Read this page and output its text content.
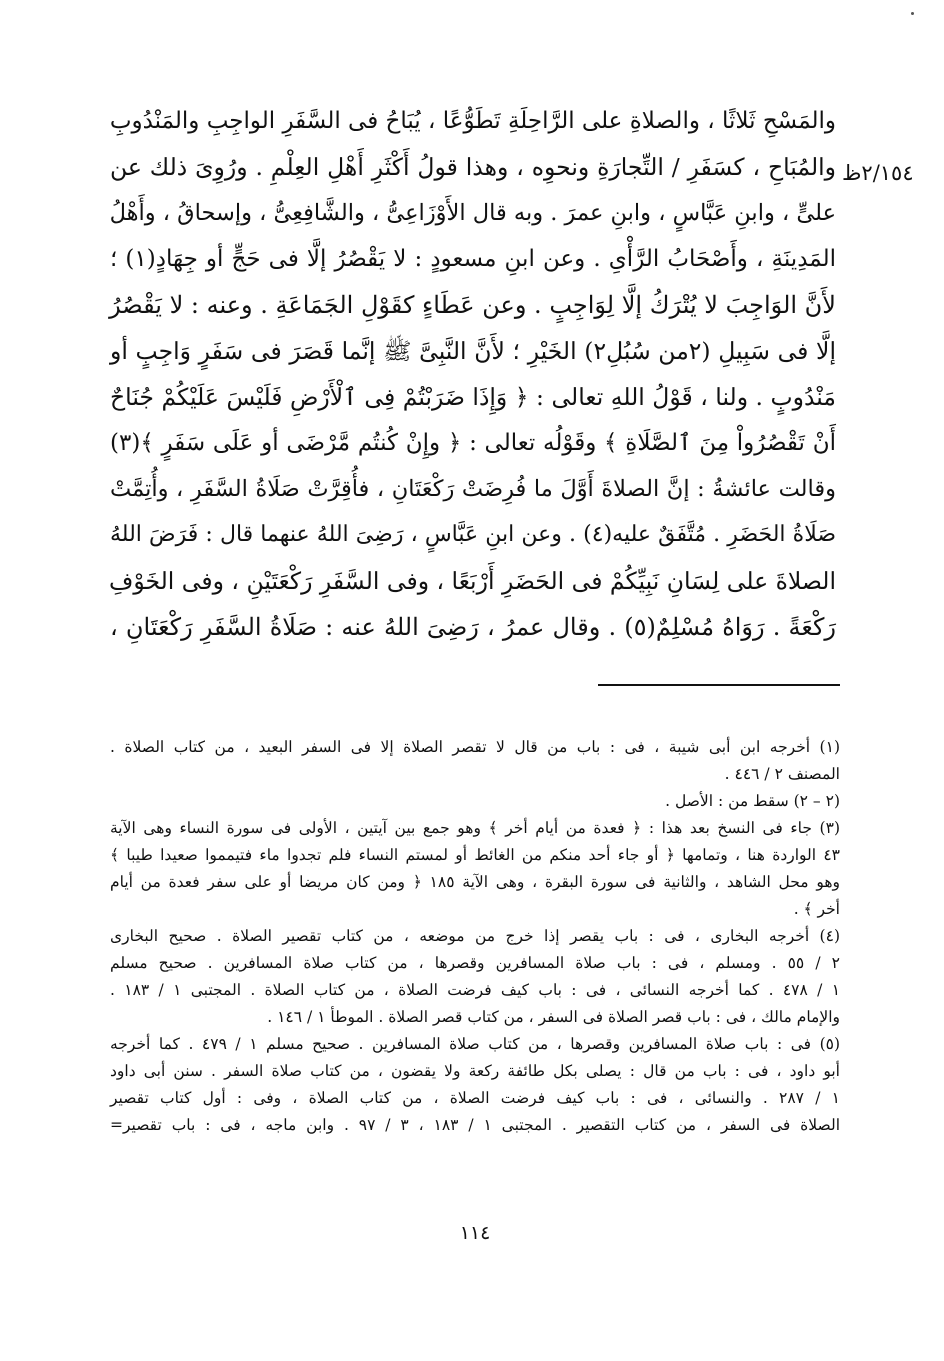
٢/١٥٤ظ
والمَسْحِ ثَلاثًا ، والصلاةِ على الرَّاحِلَةِ تَطَوُّعًا ، يُبَاحُ فى السَّفَرِ الواجِبِ والمَنْدُوبِ
والمُبَاحِ ، كسَفَرِ / التِّجارَةِ ونحوِه ، وهذا قولُ أَكْثَرِ أَهْلِ العِلْمِ . ورُوِىَ ذلك عن
علىٍّ ، وابنِ عَبَّاسٍ ، وابنِ عمرَ . وبه قال الأَوْزَاعِىُّ ، والشَّافِعِىُّ ، وإسحاقُ ، وأَهْلُ
المَدِينَةِ ، وأَصْحَابُ الرَّأْىِ . وعن ابنِ مسعودٍ : لا يَقْصُرُ إلَّا فى حَجٍّ أو جِهَادٍ(١) ؛
لأَنَّ الوَاجِبَ لا يُتْرَكُ إلَّا لِوَاجِبٍ . وعن عَطَاءٍ كقَوْلِ الجَمَاعَةِ . وعنه : لا يَقْصُرُ
إلَّا فى سَبِيلِ (٢من سُبُلِ٢) الخَيْرِ ؛ لأَنَّ النَّبِىَّ ﷺ إنَّما قَصَرَ فى سَفَرٍ وَاجِبٍ أو
مَنْدُوبٍ . ولنا ، قَوْلُ اللهِ تعالى : ﴿ وَإِذَا ضَرَبْتُمْ فِى ٱلْأَرْضِ فَلَيْسَ عَلَيْكُمْ جُنَاحٌ
أَنْ تَقْصُرُواْ مِنَ ٱلصَّلَاةِ ﴾ وقَوْلُه تعالى : ﴿ وإِنْ كُنتُم مَّرْضَى أو عَلَى سَفَرٍ ﴾(٣)
وقالت عائشةُ : إنَّ الصلاةَ أَوَّلَ ما فُرِضَتْ رَكْعَتَانِ ، فأُقِرَّتْ صَلَاةُ السَّفَرِ ، وأُتِمَّتْ
صَلَاةُ الحَضَرِ . مُتَّفَقٌ عليه(٤) . وعن ابنِ عَبَّاسٍ ، رَضِىَ اللهُ عنهما قال : فَرَضَ اللهُ
الصلاةَ على لِسَانِ نَبِيِّكُمْ فى الحَضَرِ أَرْبَعًا ، وفى السَّفَرِ رَكْعَتَيْنِ ، وفى الخَوْفِ
رَكْعَةً . رَوَاهُ مُسْلِمٌ(٥) . وقال عمرُ ، رَضِىَ اللهُ عنه : صَلَاةُ السَّفَرِ رَكْعَتَانِ ،
(١) أخرجه ابن أبى شيبة ، فى : باب من قال لا تقصر الصلاة إلا فى السفر البعيد ، من كتاب الصلاة .
المصنف ٢ / ٤٤٦ .
(٢ – ٢) سقط من : الأصل .
(٣) جاء فى النسخ بعد هذا : ﴿ فعدة من أيام أخر ﴾ وهو جمع بين آيتين ، الأولى فى سورة النساء وهى الآية
٤٣ الواردة هنا ، وتمامها ﴿ أو جاء أحد منكم من الغائط أو لمستم النساء فلم تجدوا ماء فتيمموا صعيدا طيبا ﴾
وهو محل الشاهد ، والثانية فى سورة البقرة ، وهى الآية ١٨٥ ﴿ ومن كان مريضا أو على سفر فعدة من أيام
أخر ﴾ .
(٤) أخرجه البخارى ، فى : باب يقصر إذا خرج من موضعه ، من كتاب تقصير الصلاة . صحيح البخارى
٢ / ٥٥ . ومسلم ، فى : باب صلاة المسافرين وقصرها ، من كتاب صلاة المسافرين . صحيح مسلم
١ / ٤٧٨ . كما أخرجه النسائى ، فى : باب كيف فرضت الصلاة ، من كتاب الصلاة . المجتبى ١ / ١٨٣ .
والإمام مالك ، فى : باب قصر الصلاة فى السفر ، من كتاب قصر الصلاة . الموطأ ١ / ١٤٦ .
(٥) فى : باب صلاة المسافرين وقصرها ، من كتاب صلاة المسافرين . صحيح مسلم ١ / ٤٧٩ . كما أخرجه
أبو داود ، فى : باب من قال : يصلى بكل طائفة ركعة ولا يقضون ، من كتاب صلاة السفر . سنن أبى داود
١ / ٢٨٧ . والنسائى ، فى : باب كيف فرضت الصلاة ، من كتاب الصلاة ، وفى : أول كتاب تقصير
الصلاة فى السفر ، من كتاب التقصير . المجتبى ١ / ١٨٣ ، ٣ / ٩٧ . وابن ماجه ، فى : باب تقصير=
١١٤
